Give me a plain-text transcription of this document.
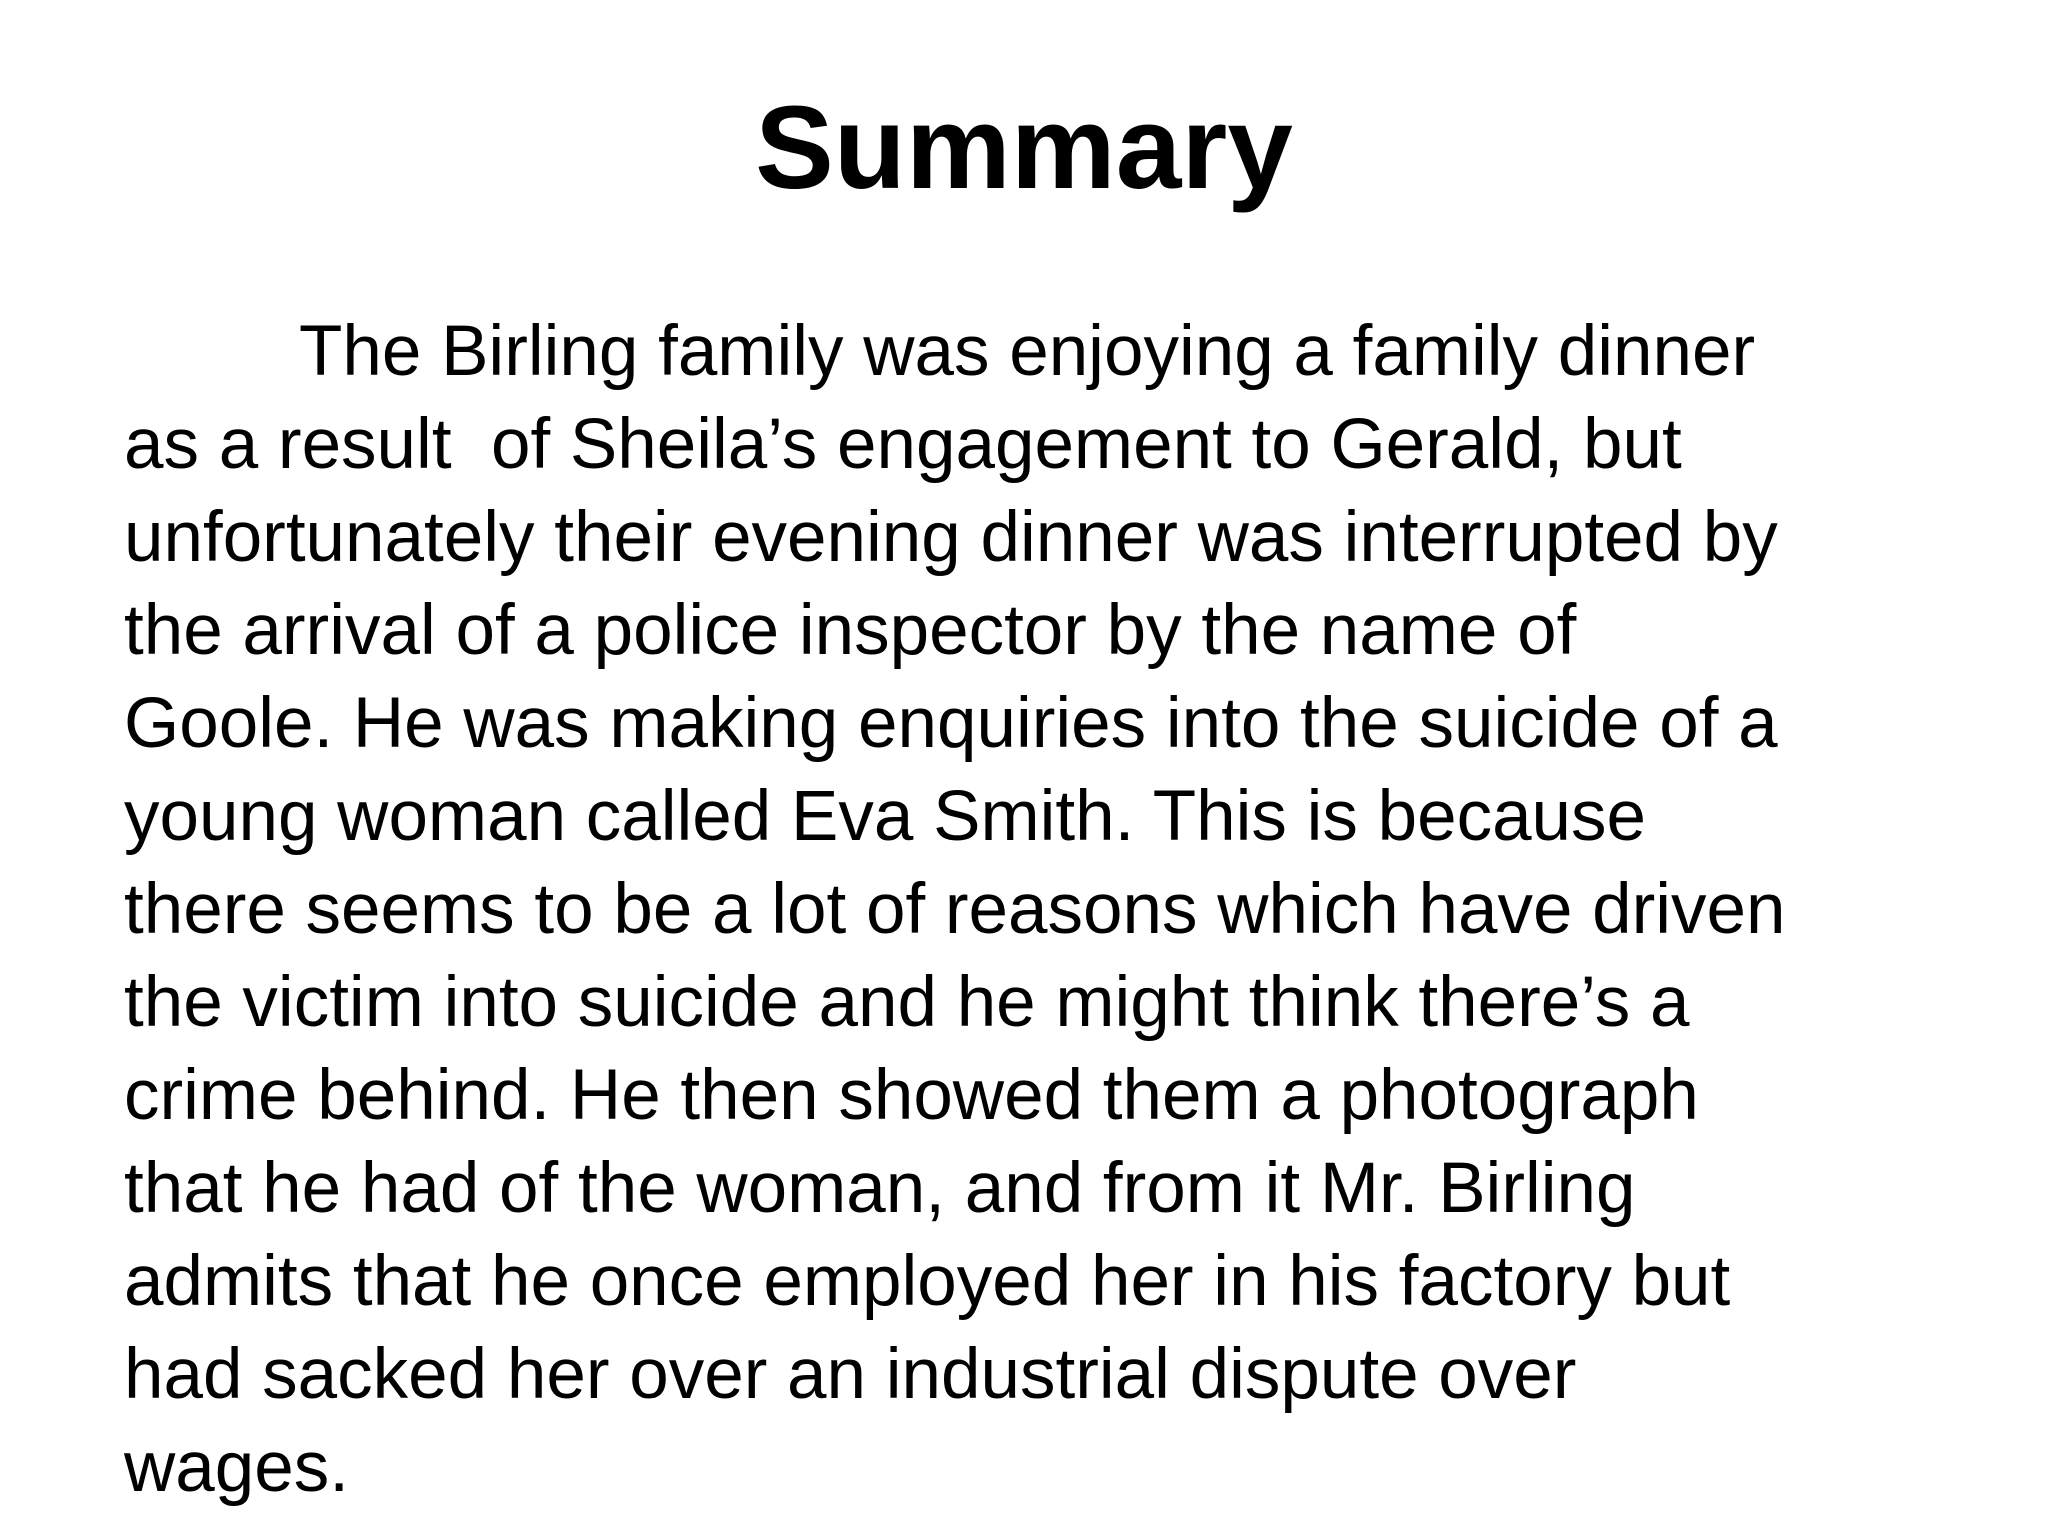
Summary

The Birling family was enjoying a family dinner
as a result  of Sheila’s engagement to Gerald, but
unfortunately their evening dinner was interrupted by
the arrival of a police inspector by the name of
Goole. He was making enquiries into the suicide of a
young woman called Eva Smith. This is because
there seems to be a lot of reasons which have driven
the victim into suicide and he might think there’s a
crime behind. He then showed them a photograph
that he had of the woman, and from it Mr. Birling
admits that he once employed her in his factory but
had sacked her over an industrial dispute over
wages.
